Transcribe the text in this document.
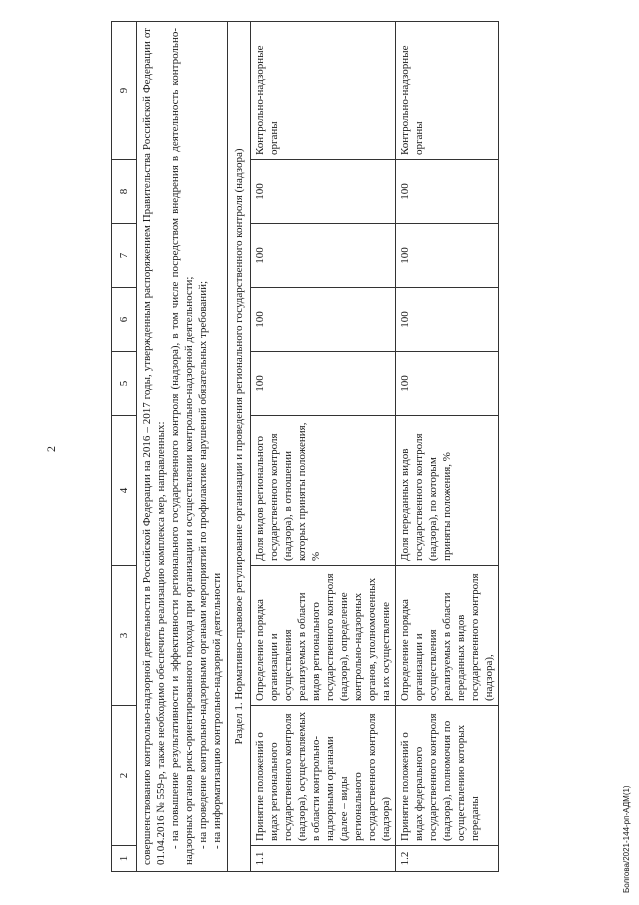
2
1	2	3	4	5	6	7	8	9

совершенствованию контрольно-надзорной деятельности в Российской Федерации на 2016 – 2017 годы, утвержденным распоряжением Правительства Российской Федерации от 01.04.2016 № 559-р, также необходимо обеспечить реализацию комплекса мер, направленных: - на повышение результативности и эффективности регионального государственного контроля (надзора), в том числе посредством внедрения в деятельность контрольно-надзорных органов риск-ориентированного подхода при организации и осуществлении контрольно-надзорной деятельности; - на проведение контрольно-надзорными органами мероприятий по профилактике нарушений обязательных требований; - на информатизацию контрольно-надзорной деятельности								

Раздел 1. Нормативно-правовое регулирование организации и проведения регионального государственного контроля (надзора)								
1.1	Принятие положений о видах регионального государственного контроля (надзора), осуществляемых в области контрольно-надзорными органами (далее – виды регионального государственного контроля (надзора)	Определение порядка организации и осуществления реализуемых в области видов регионального государственного контроля (надзора), определение контрольно-надзорных органов, уполномоченных на их осуществление	Доля видов регионального государственного контроля (надзора), в отношении которых приняты положения, %	100	100	100	100	Контрольно-надзорные органы
1.2	Принятие положений о видах федерального государственного контроля (надзора), полномочия по осуществлению которых переданы	Определение порядка организации и осуществления реализуемых в области переданных видов государственного контроля (надзора),	Доля переданных видов государственного контроля (надзора), по которым приняты положения, %	100	100	100	100	Контрольно-надзорные органы
Болгова/2021-144-рп-АДМ(1)
